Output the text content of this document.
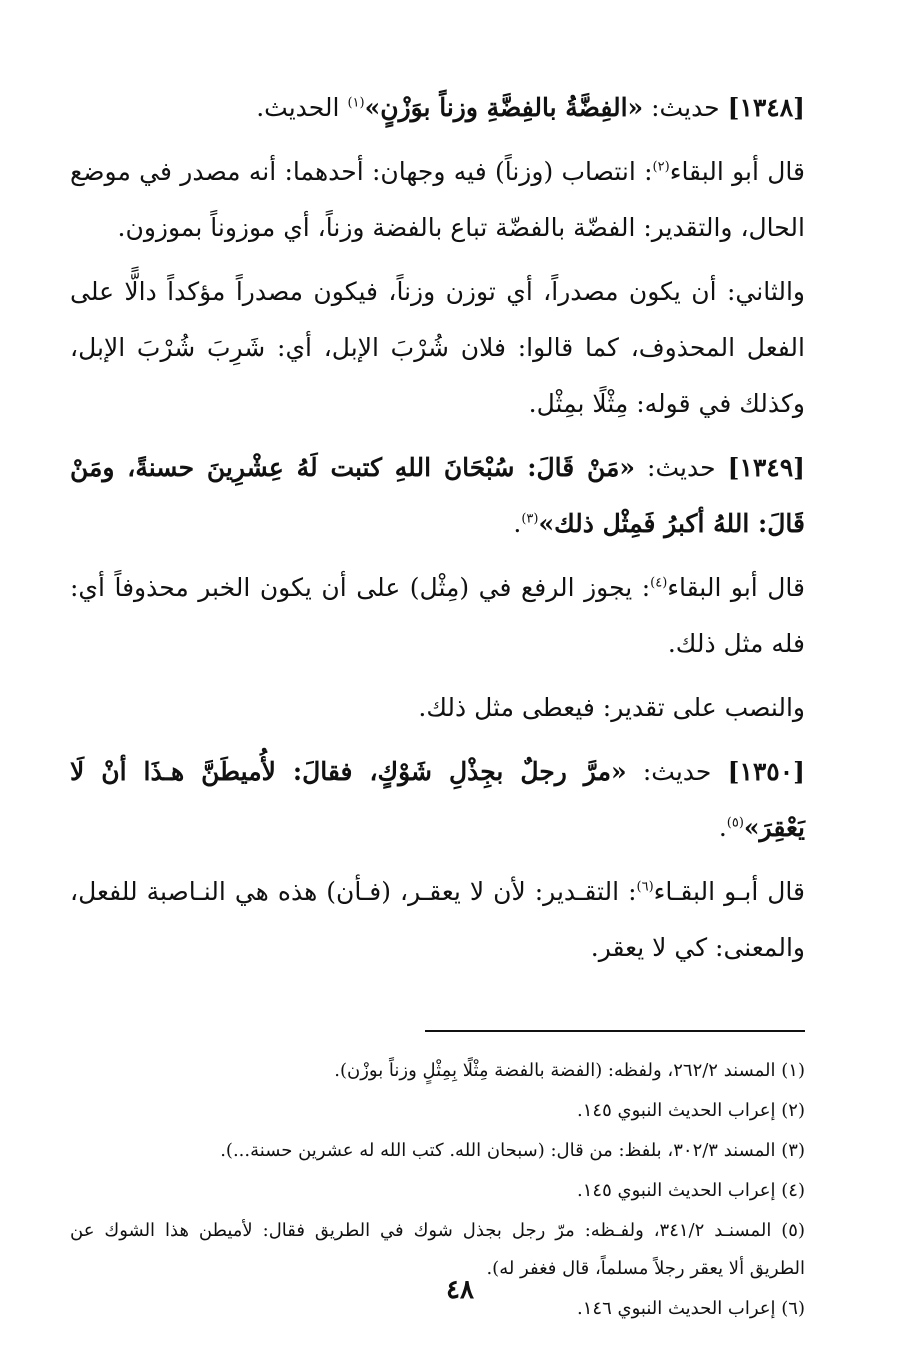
[١٣٤٨] حديث: «الفِضَّةُ بالفِضَّةِ وزناً بوَزْنٍ»$^{(١)}$ الحديث.

قال أبو البقاء$^{(٢)}$: انتصاب (وزناً) فيه وجهان: أحدهما: أنه مصدر في موضع الحال، والتقدير: الفضّة بالفضّة تباع بالفضة وزناً، أي موزوناً بموزون.

والثاني: أن يكون مصدراً، أي توزن وزناً، فيكون مصدراً مؤكداً دالًّا على الفعل المحذوف، كما قالوا: فلان شُرْبَ الإبل، أي: شَرِبَ شُرْبَ الإبل، وكذلك في قوله: مِثْلًا بمِثْل.

[١٣٤٩] حديث: «مَنْ قَالَ: سُبْحَانَ اللهِ كتبت لَهُ عِشْرِينَ حسنةً، ومَنْ قَالَ: اللهُ أكبرُ فَمِثْل ذلك»$^{(٣)}$.

قال أبو البقاء$^{(٤)}$: يجوز الرفع في (مِثْل) على أن يكون الخبر محذوفاً أي: فله مثل ذلك.

والنصب على تقدير: فيعطى مثل ذلك.

[١٣٥٠] حديث: «مرَّ رجلٌ بجِذْلِ شَوْكٍ، فقالَ: لأُميطَنَّ هـذَا أنْ لَا يَعْقِرَ»$^{(٥)}$.

قال أبـو البقـاء$^{(٦)}$: التقـدير: لأن لا يعقـر، (فـأن) هذه هي النـاصبة للفعل، والمعنى: كي لا يعقر.

(١) المسند ٢٦٢/٢، ولفظه: (الفضة بالفضة مِثْلًا بِمِثْلٍ وزناً بوزْن).

(٢) إعراب الحديث النبوي ١٤٥.

(٣) المسند ٣٠٢/٣، بلفظ: من قال: (سبحان الله. كتب الله له عشرين حسنة...).

(٤) إعراب الحديث النبوي ١٤٥.

(٥) المسنـد ٣٤١/٢، ولفـظه: مرّ رجل بجذل شوك في الطريق فقال: لأميطن هذا الشوك عن الطريق ألا يعقر رجلاً مسلماً، قال فغفر له).

(٦) إعراب الحديث النبوي ١٤٦.

٤٨
